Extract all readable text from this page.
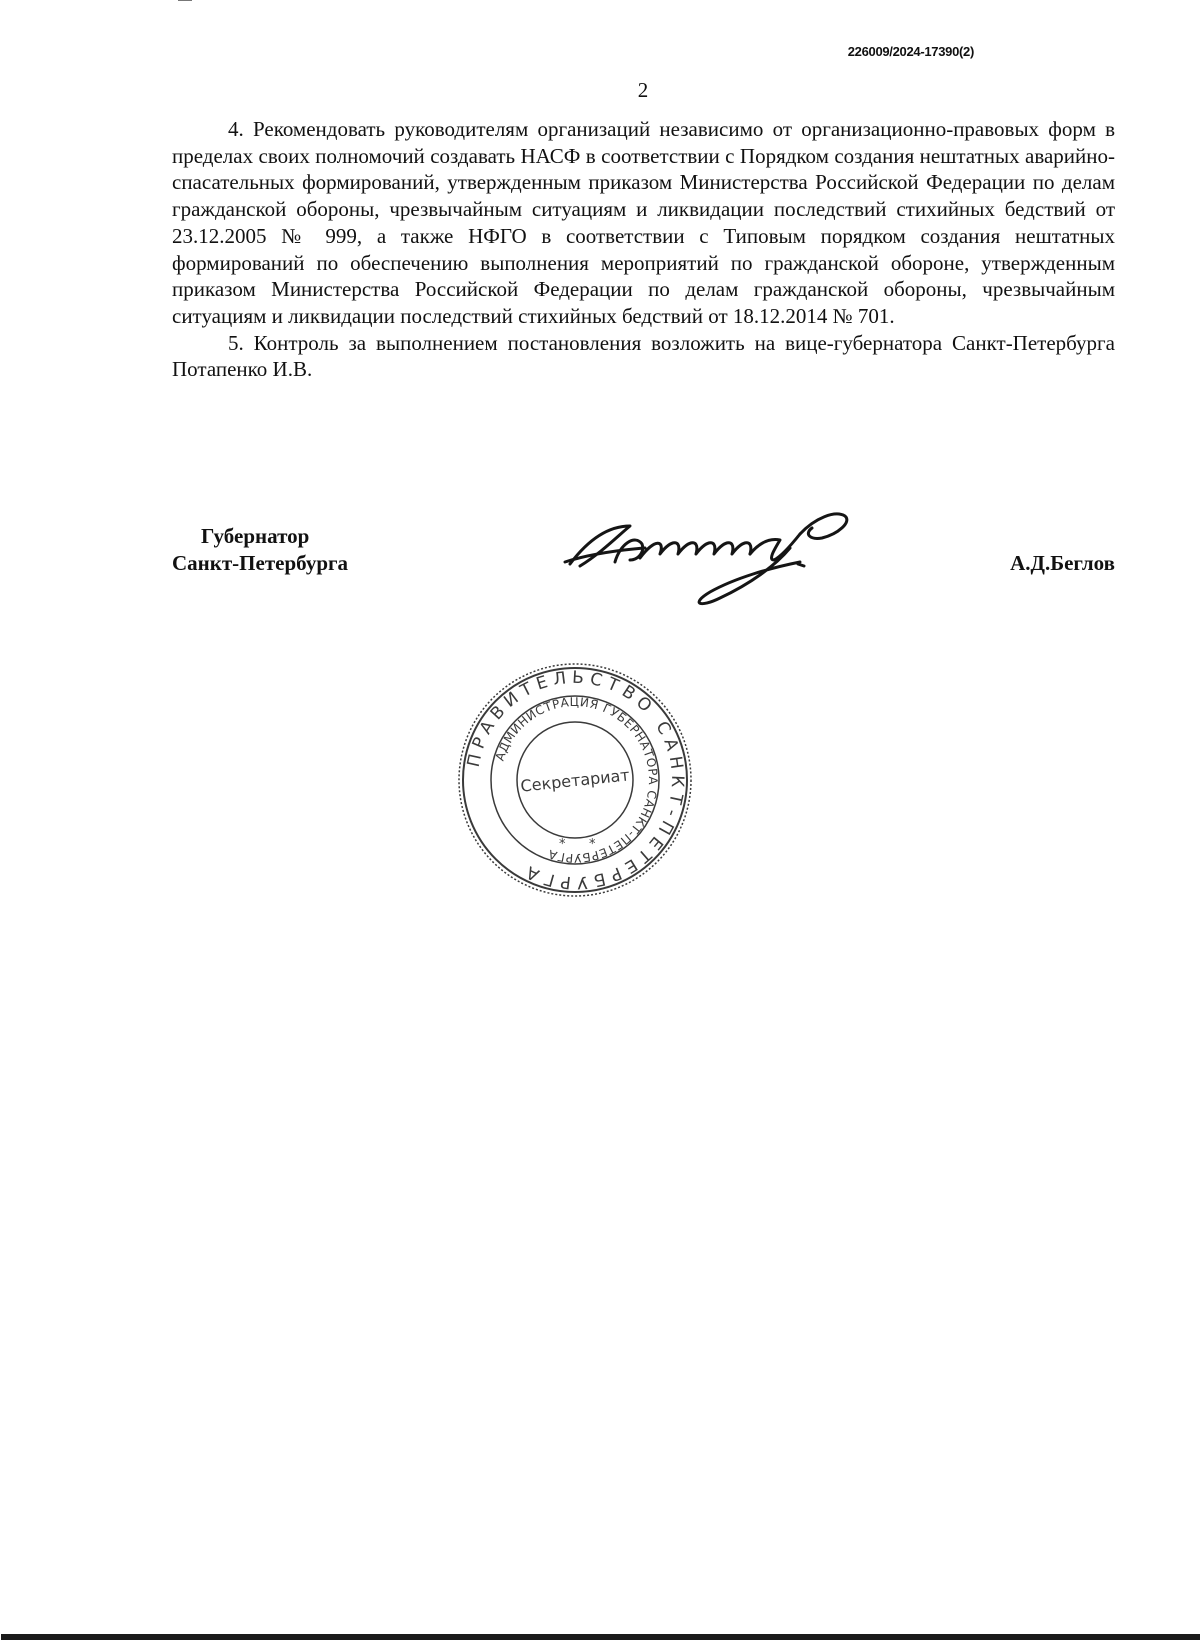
226009/2024-17390(2)
2

4. Рекомендовать руководителям организаций независимо от организационно-правовых форм в пределах своих полномочий создавать НАСФ в соответствии с Порядком создания нештатных аварийно-спасательных формирований, утвержденным приказом Министерства Российской Федерации по делам гражданской обороны, чрезвычайным ситуациям и ликвидации последствий стихийных бедствий от 23.12.2005 № 999, а также НФГО в соответствии с Типовым порядком создания нештатных формирований по обеспечению выполнения мероприятий по гражданской обороне, утвержденным приказом Министерства Российской Федерации по делам гражданской обороны, чрезвычайным ситуациям и ликвидации последствий стихийных бедствий от 18.12.2014 № 701.

5. Контроль за выполнением постановления возложить на вице-губернатора Санкт-Петербурга Потапенко И.В.

Губернатор
Санкт-Петербурга	А.Д.Беглов
ПРАВИТЕЛЬСТВО САНКТ-ПЕТЕРБУРГА
АДМИНИСТРАЦИЯ ГУБЕРНАТОРА САНКТ-ПЕТЕРБУРГА
Секретариат
* *
